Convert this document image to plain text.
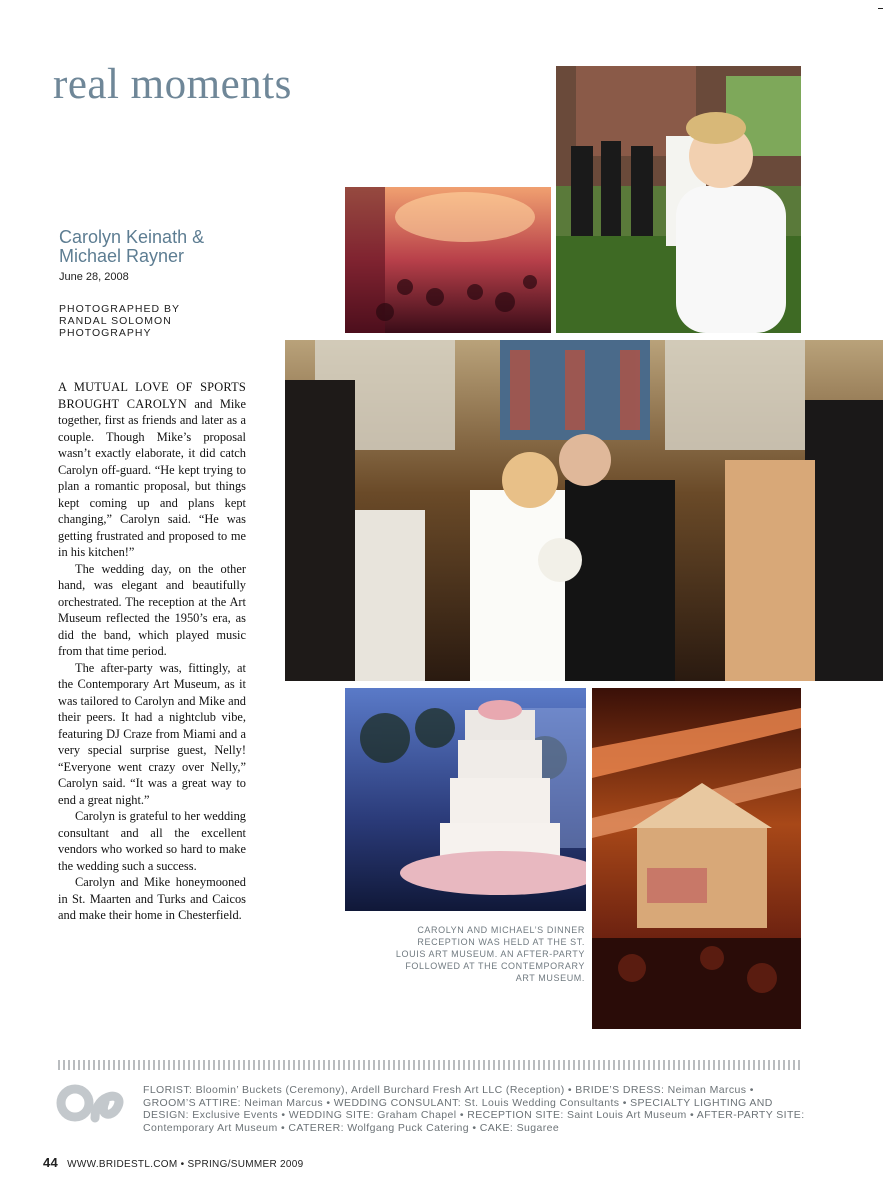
real moments
Carolyn Keinath &
Michael Rayner
June 28, 2008
PHOTOGRAPHED BY
RANDAL SOLOMON
PHOTOGRAPHY

A MUTUAL LOVE OF SPORTS BROUGHT CAROLYN and Mike together, first as friends and later as a couple. Though Mike’s proposal wasn’t exactly elaborate, it did catch Carolyn off-guard. “He kept trying to plan a romantic proposal, but things kept coming up and plans kept changing,” Carolyn said. “He was getting frustrated and proposed to me in his kitchen!”

The wedding day, on the other hand, was elegant and beautifully orchestrated. The reception at the Art Museum reflected the 1950’s era, as did the band, which played music from that time period.

The after-party was, fittingly, at the Contemporary Art Museum, as it was tailored to Carolyn and Mike and their peers. It had a nightclub vibe, featuring DJ Craze from Miami and a very special surprise guest, Nelly! “Everyone went crazy over Nelly,” Carolyn said. “It was a great way to end a great night.”

Carolyn is grateful to her wedding consultant and all the excellent vendors who worked so hard to make the wedding such a success.

Carolyn and Mike honeymooned in St. Maarten and Turks and Caicos and make their home in Chesterfield.

CAROLYN AND MICHAEL’S DINNER RECEPTION WAS HELD AT THE ST. LOUIS ART MUSEUM. AN AFTER-PARTY FOLLOWED AT THE CONTEMPORARY ART MUSEUM.
FLORIST: Bloomin’ Buckets (Ceremony), Ardell Burchard Fresh Art LLC (Reception) • BRIDE’S DRESS: Neiman Marcus • GROOM’S ATTIRE: Neiman Marcus • WEDDING CONSULANT: St. Louis Wedding Consultants • SPECIALTY LIGHTING AND DESIGN: Exclusive Events • WEDDING SITE: Graham Chapel • RECEPTION SITE: Saint Louis Art Museum • AFTER-PARTY SITE: Contemporary Art Museum • CATERER: Wolfgang Puck Catering • CAKE: Sugaree
44 WWW.BRIDESTL.COM • SPRING/SUMMER 2009
